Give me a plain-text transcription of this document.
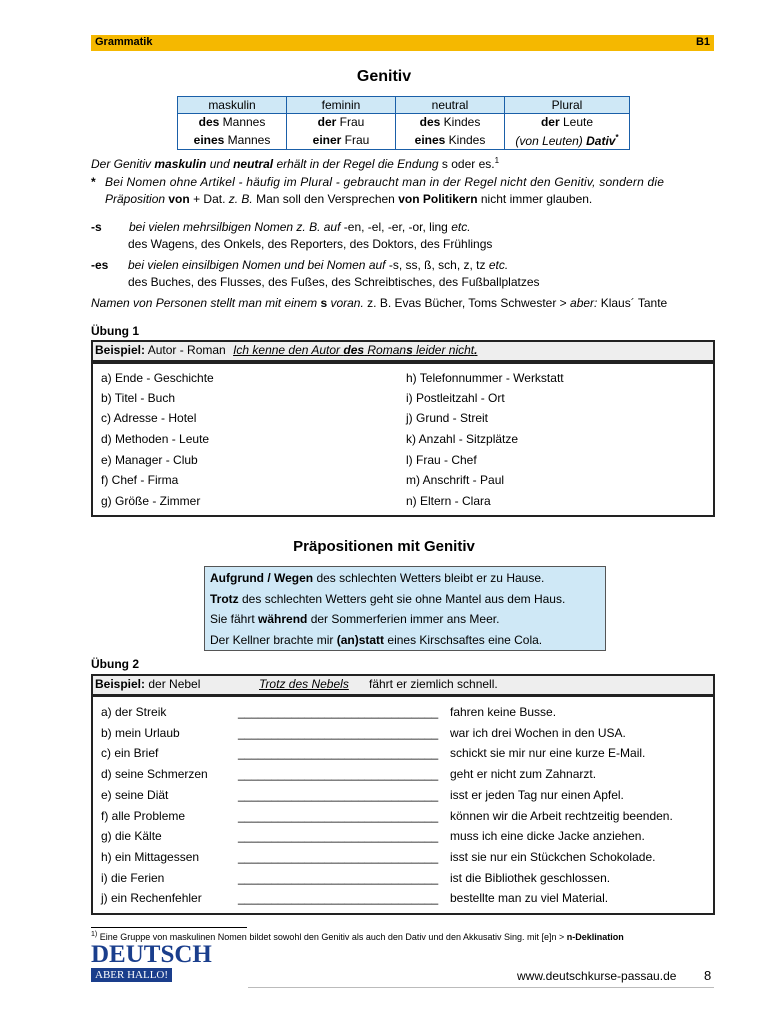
Grammatik	B1
Genitiv
maskulin	feminin	neutral	Plural
des Mannes	der Frau	des Kindes	der Leute
eines Mannes	einer Frau	eines Kindes	(von Leuten) Dativ*
Der Genitiv maskulin und neutral erhält in der Regel die Endung s oder es.$^1$
* Bei Nomen ohne Artikel - häufig im Plural - gebraucht man in der Regel nicht den Genitiv, sondern die
Präposition von + Dat. z. B. Man soll den Versprechen von Politikern nicht immer glauben.
-s bei vielen mehrsilbigen Nomen z. B. auf -en, -el, -er, -or, ling etc.
des Wagens, des Onkels, des Reporters, des Doktors, des Frühlings
-es bei vielen einsilbigen Nomen und bei Nomen auf -s, ss, ß, sch, z, tz etc.
des Buches, des Flusses, des Fußes, des Schreibtisches, des Fußballplatzes
Namen von Personen stellt man mit einem s voran. z. B. Evas Bücher, Toms Schwester > aber: Klaus´ Tante
Übung 1
Beispiel: Autor - Roman Ich kenne den Autor des Romans leider nicht.
a) Ende - Geschichte
b) Titel - Buch
c) Adresse - Hotel
d) Methoden - Leute
e) Manager - Club
f) Chef - Firma
g) Größe - Zimmer
h) Telefonnummer - Werkstatt
i) Postleitzahl - Ort
j) Grund - Streit
k) Anzahl - Sitzplätze
l) Frau - Chef
m) Anschrift - Paul
n) Eltern - Clara
Präpositionen mit Genitiv
Aufgrund / Wegen des schlechten Wetters bleibt er zu Hause.
Trotz des schlechten Wetters geht sie ohne Mantel aus dem Haus.
Sie fährt während der Sommerferien immer ans Meer.
Der Kellner brachte mir (an)statt eines Kirschsaftes eine Cola.
Übung 2
Beispiel: der Nebel	Trotz des Nebels fährt er ziemlich schnell.
a) der Streik	______________________________ fahren keine Busse.
b) mein Urlaub	______________________________ war ich drei Wochen in den USA.
c) ein Brief	______________________________ schickt sie mir nur eine kurze E-Mail.
d) seine Schmerzen	______________________________ geht er nicht zum Zahnarzt.
e) seine Diät	______________________________ isst er jeden Tag nur einen Apfel.
f) alle Probleme	______________________________ können wir die Arbeit rechtzeitig beenden.
g) die Kälte	______________________________ muss ich eine dicke Jacke anziehen.
h) ein Mittagessen	______________________________ isst sie nur ein Stückchen Schokolade.
i) die Ferien	______________________________ ist die Bibliothek geschlossen.
j) ein Rechenfehler	______________________________ bestellte man zu viel Material.
$^{1)}$ Eine Gruppe von maskulinen Nomen bildet sowohl den Genitiv als auch den Dativ und den Akkusativ Sing. mit [e]n > n-Deklination
DEUTSCH
ABER HALLO!	www.deutschkurse-passau.de 8
